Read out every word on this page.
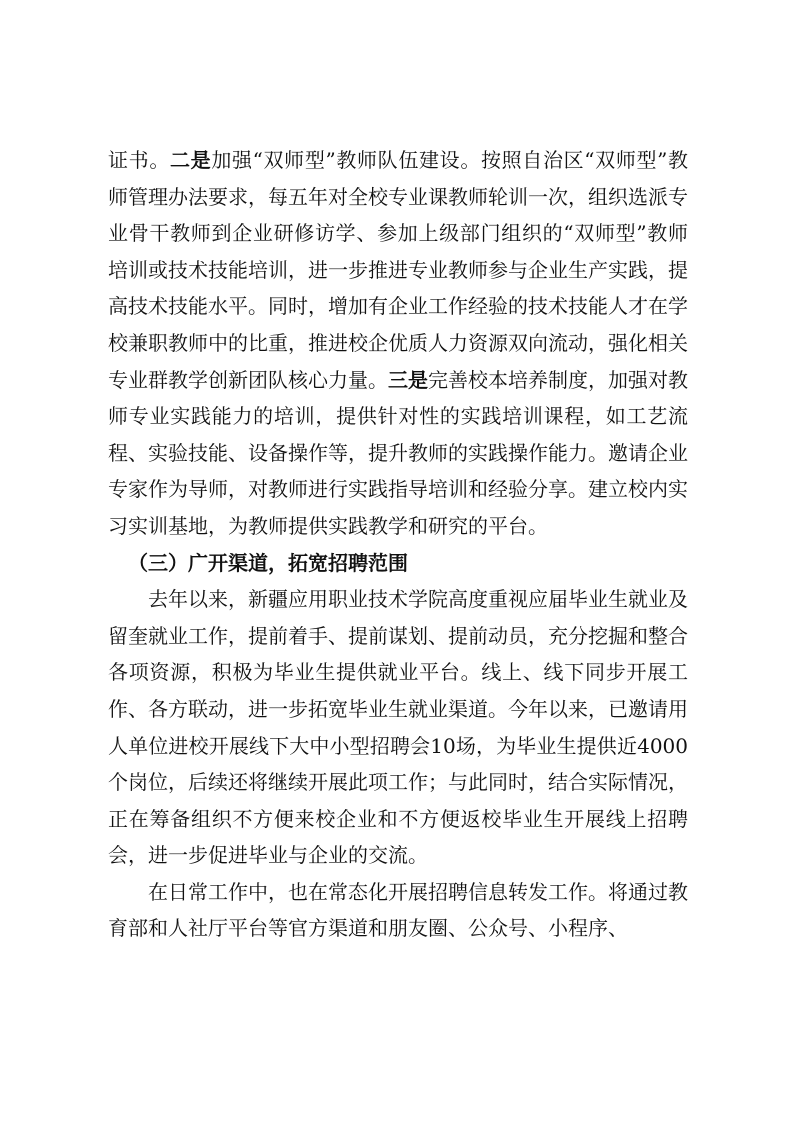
证书。二是加强“双师型”教师队伍建设。按照自治区“双师型”教师管理办法要求，每五年对全校专业课教师轮训一次，组织选派专业骨干教师到企业研修访学、参加上级部门组织的“双师型”教师培训或技术技能培训，进一步推进专业教师参与企业生产实践，提高技术技能水平。同时，增加有企业工作经验的技术技能人才在学校兼职教师中的比重，推进校企优质人力资源双向流动，强化相关专业群教学创新团队核心力量。三是完善校本培养制度，加强对教师专业实践能力的培训，提供针对性的实践培训课程，如工艺流程、实验技能、设备操作等，提升教师的实践操作能力。邀请企业专家作为导师，对教师进行实践指导培训和经验分享。建立校内实习实训基地，为教师提供实践教学和研究的平台。

（三）广开渠道，拓宽招聘范围

去年以来，新疆应用职业技术学院高度重视应届毕业生就业及留奎就业工作，提前着手、提前谋划、提前动员，充分挖掘和整合各项资源，积极为毕业生提供就业平台。线上、线下同步开展工作、各方联动，进一步拓宽毕业生就业渠道。今年以来，已邀请用人单位进校开展线下大中小型招聘会10场，为毕业生提供近4000个岗位，后续还将继续开展此项工作；与此同时，结合实际情况，正在筹备组织不方便来校企业和不方便返校毕业生开展线上招聘会，进一步促进毕业与企业的交流。

在日常工作中，也在常态化开展招聘信息转发工作。将通过教育部和人社厅平台等官方渠道和朋友圈、公众号、小程序、
